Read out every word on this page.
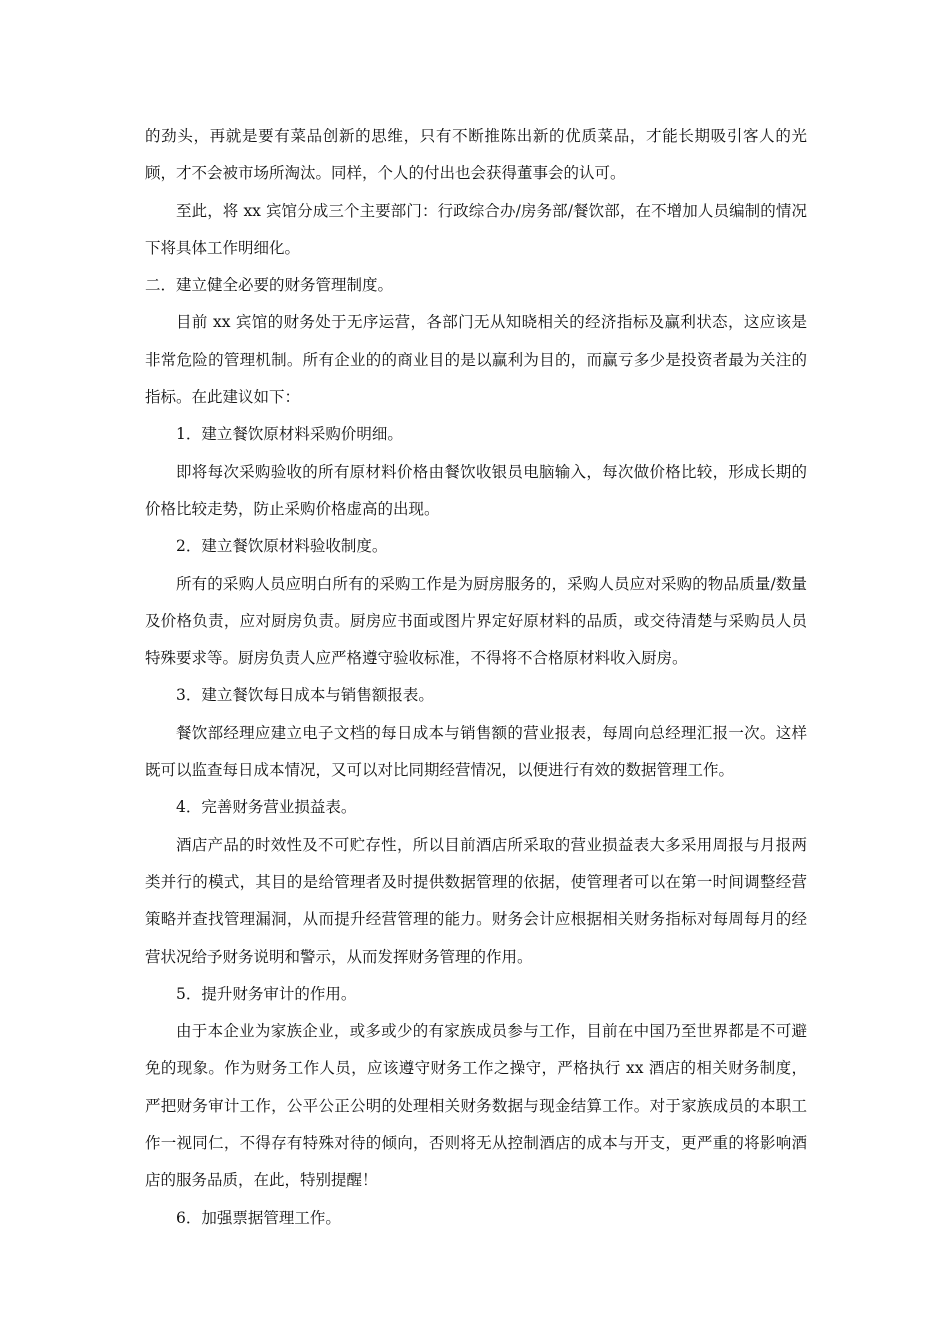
的劲头，再就是要有菜品创新的思维，只有不断推陈出新的优质菜品，才能长期吸引客人的光顾，才不会被市场所淘汰。同样，个人的付出也会获得董事会的认可。

至此，将 xx 宾馆分成三个主要部门：行政综合办/房务部/餐饮部，在不增加人员编制的情况下将具体工作明细化。

二．建立健全必要的财务管理制度。

目前 xx 宾馆的财务处于无序运营，各部门无从知晓相关的经济指标及赢利状态，这应该是非常危险的管理机制。所有企业的的商业目的是以赢利为目的，而赢亏多少是投资者最为关注的指标。在此建议如下：

1．建立餐饮原材料采购价明细。

即将每次采购验收的所有原材料价格由餐饮收银员电脑输入，每次做价格比较，形成长期的价格比较走势，防止采购价格虚高的出现。

2．建立餐饮原材料验收制度。

所有的采购人员应明白所有的采购工作是为厨房服务的，采购人员应对采购的物品质量/数量及价格负责，应对厨房负责。厨房应书面或图片界定好原材料的品质，或交待清楚与采购员人员特殊要求等。厨房负责人应严格遵守验收标准，不得将不合格原材料收入厨房。

3．建立餐饮每日成本与销售额报表。

餐饮部经理应建立电子文档的每日成本与销售额的营业报表，每周向总经理汇报一次。这样既可以监查每日成本情况，又可以对比同期经营情况，以便进行有效的数据管理工作。

4．完善财务营业损益表。

酒店产品的时效性及不可贮存性，所以目前酒店所采取的营业损益表大多采用周报与月报两类并行的模式，其目的是给管理者及时提供数据管理的依据，使管理者可以在第一时间调整经营策略并查找管理漏洞，从而提升经营管理的能力。财务会计应根据相关财务指标对每周每月的经营状况给予财务说明和警示，从而发挥财务管理的作用。

5．提升财务审计的作用。

由于本企业为家族企业，或多或少的有家族成员参与工作，目前在中国乃至世界都是不可避免的现象。作为财务工作人员，应该遵守财务工作之操守，严格执行 xx 酒店的相关财务制度，严把财务审计工作，公平公正公明的处理相关财务数据与现金结算工作。对于家族成员的本职工作一视同仁，不得存有特殊对待的倾向，否则将无从控制酒店的成本与开支，更严重的将影响酒店的服务品质，在此，特别提醒！

6．加强票据管理工作。
